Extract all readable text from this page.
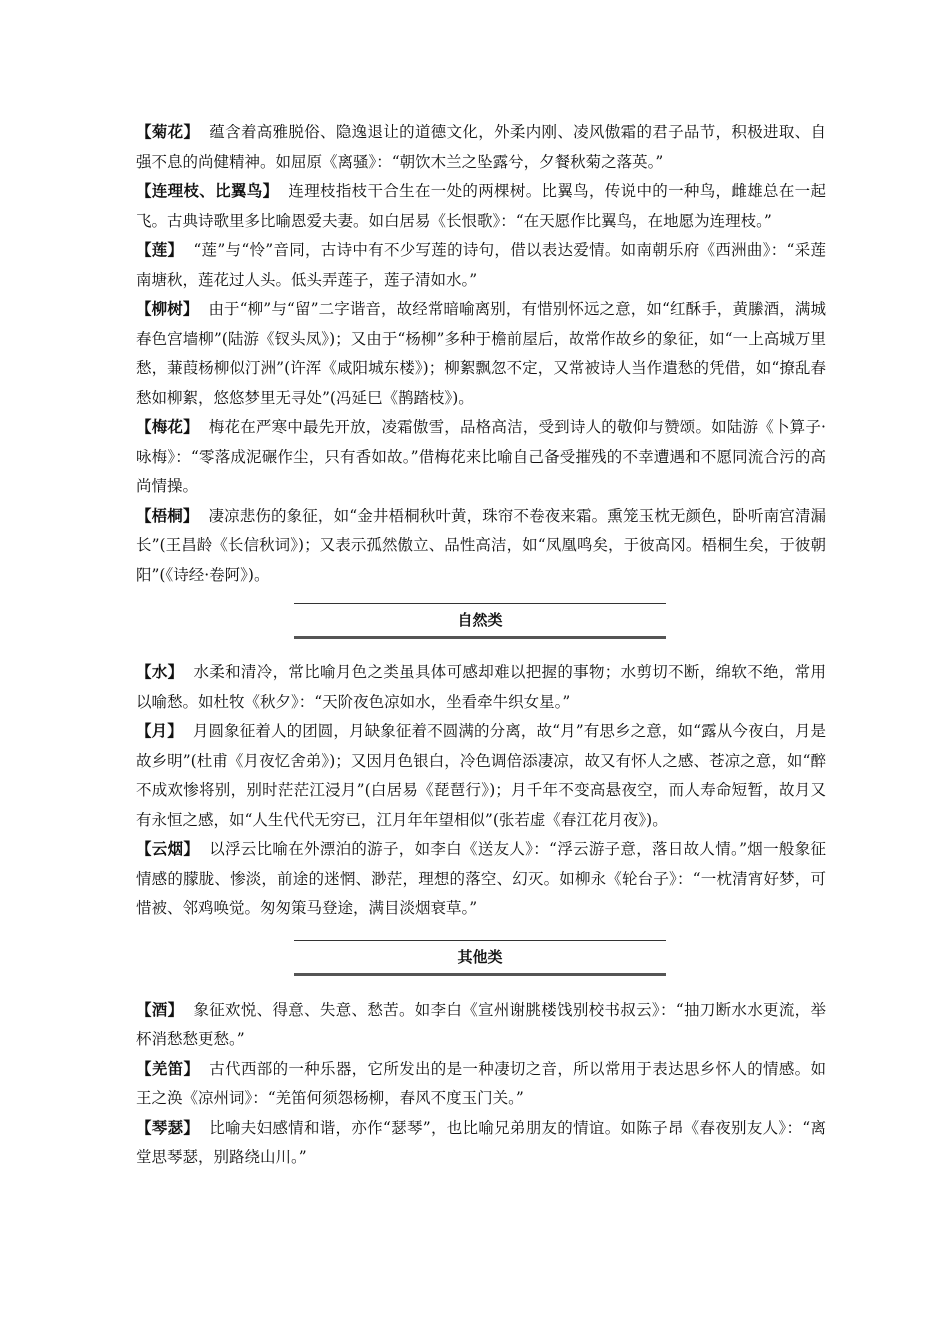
【菊花】 蕴含着高雅脱俗、隐逸退让的道德文化，外柔内刚、凌风傲霜的君子品节，积极进取、自强不息的尚健精神。如屈原《离骚》：“朝饮木兰之坠露兮，夕餐秋菊之落英。”

【连理枝、比翼鸟】 连理枝指枝干合生在一处的两棵树。比翼鸟，传说中的一种鸟，雌雄总在一起飞。古典诗歌里多比喻恩爱夫妻。如白居易《长恨歌》：“在天愿作比翼鸟，在地愿为连理枝。”

【莲】 “莲”与“怜”音同，古诗中有不少写莲的诗句，借以表达爱情。如南朝乐府《西洲曲》：“采莲南塘秋，莲花过人头。低头弄莲子，莲子清如水。”

【柳树】 由于“柳”与“留”二字谐音，故经常暗喻离别，有惜别怀远之意，如“红酥手，黄縢酒，满城春色宫墙柳”(陆游《钗头凤》)；又由于“杨柳”多种于檐前屋后，故常作故乡的象征，如“一上高城万里愁，蒹葭杨柳似汀洲”(许浑《咸阳城东楼》)；柳絮飘忽不定，又常被诗人当作遣愁的凭借，如“撩乱春愁如柳絮，悠悠梦里无寻处”(冯延巳《鹊踏枝》)。

【梅花】 梅花在严寒中最先开放，凌霜傲雪，品格高洁，受到诗人的敬仰与赞颂。如陆游《卜算子·咏梅》：“零落成泥碾作尘，只有香如故。”借梅花来比喻自己备受摧残的不幸遭遇和不愿同流合污的高尚情操。

【梧桐】 凄凉悲伤的象征，如“金井梧桐秋叶黄，珠帘不卷夜来霜。熏笼玉枕无颜色，卧听南宫清漏长”(王昌龄《长信秋词》)；又表示孤然傲立、品性高洁，如“凤凰鸣矣，于彼高冈。梧桐生矣，于彼朝阳”(《诗经·卷阿》)。

自然类

【水】 水柔和清冷，常比喻月色之类虽具体可感却难以把握的事物；水剪切不断，绵软不绝，常用以喻愁。如杜牧《秋夕》：“天阶夜色凉如水，坐看牵牛织女星。”

【月】 月圆象征着人的团圆，月缺象征着不圆满的分离，故“月”有思乡之意，如“露从今夜白，月是故乡明”(杜甫《月夜忆舍弟》)；又因月色银白，冷色调倍添凄凉，故又有怀人之感、苍凉之意，如“醉不成欢惨将别，别时茫茫江浸月”(白居易《琵琶行》)；月千年不变高悬夜空，而人寿命短暂，故月又有永恒之感，如“人生代代无穷已，江月年年望相似”(张若虚《春江花月夜》)。

【云烟】 以浮云比喻在外漂泊的游子，如李白《送友人》：“浮云游子意，落日故人情。”烟一般象征情感的朦胧、惨淡，前途的迷惘、渺茫，理想的落空、幻灭。如柳永《轮台子》：“一枕清宵好梦，可惜被、邻鸡唤觉。匆匆策马登途，满目淡烟衰草。”

其他类

【酒】 象征欢悦、得意、失意、愁苦。如李白《宣州谢朓楼饯别校书叔云》：“抽刀断水水更流，举杯消愁愁更愁。”

【羌笛】 古代西部的一种乐器，它所发出的是一种凄切之音，所以常用于表达思乡怀人的情感。如王之涣《凉州词》：“羌笛何须怨杨柳，春风不度玉门关。”

【琴瑟】 比喻夫妇感情和谐，亦作“瑟琴”，也比喻兄弟朋友的情谊。如陈子昂《春夜别友人》：“离堂思琴瑟，别路绕山川。”
